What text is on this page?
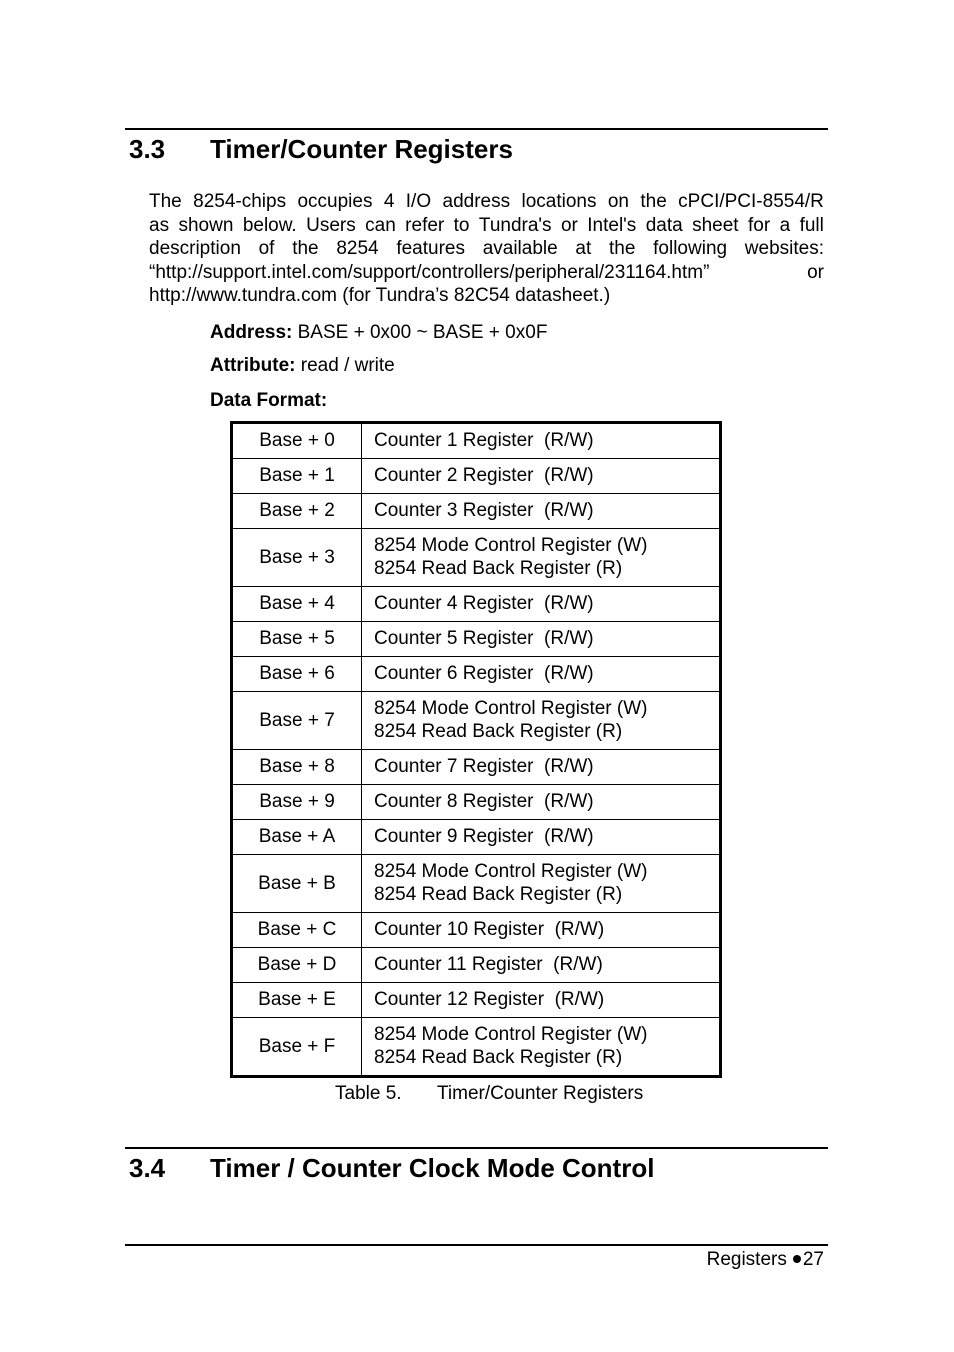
3.3 Timer/Counter Registers
The 8254-chips occupies 4 I/O address locations on the cPCI/PCI-8554/R
as shown below. Users can refer to Tundra's or Intel's data sheet for a full
description of the 8254 features available at the following websites:
“http://support.intel.com/support/controllers/peripheral/231164.htm”	or
http://www.tundra.com (for Tundra’s 82C54 datasheet.)
Address: BASE + 0x00 ~ BASE + 0x0F
Attribute: read / write
Data Format:
Base + 0	Counter 1 Register  (R/W)

Base + 1	Counter 2 Register  (R/W)

Base + 2	Counter 3 Register  (R/W)

Base + 3	8254 Mode Control Register (W)
8254 Read Back Register (R)

Base + 4	Counter 4 Register  (R/W)

Base + 5	Counter 5 Register  (R/W)

Base + 6	Counter 6 Register  (R/W)

Base + 7	8254 Mode Control Register (W)
8254 Read Back Register (R)

Base + 8	Counter 7 Register  (R/W)

Base + 9	Counter 8 Register  (R/W)

Base + A	Counter 9 Register  (R/W)

Base + B	8254 Mode Control Register (W)
8254 Read Back Register (R)

Base + C	Counter 10 Register  (R/W)

Base + D	Counter 11 Register  (R/W)

Base + E	Counter 12 Register  (R/W)

Base + F	8254 Mode Control Register (W)
8254 Read Back Register (R)
Table 5. Timer/Counter Registers
3.4 Timer / Counter Clock Mode Control
Registers 27
